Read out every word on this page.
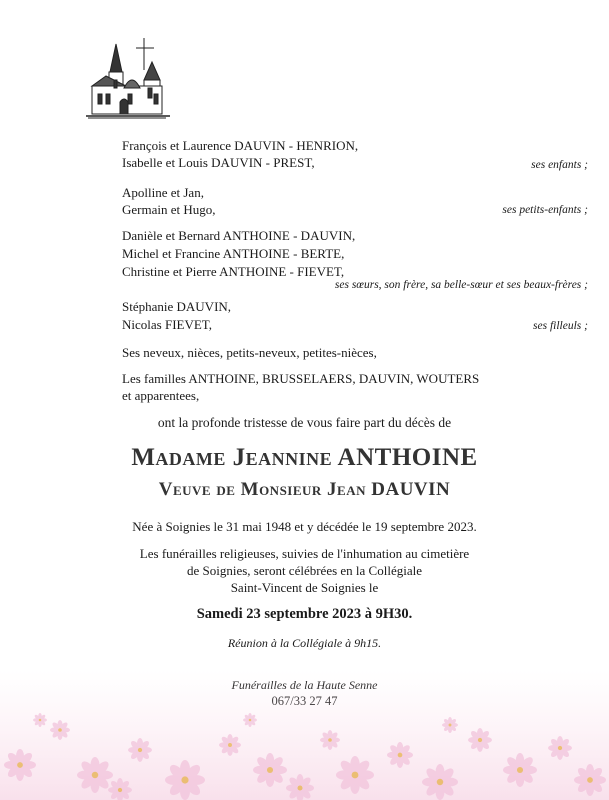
François et Laurence DAUVIN - HENRION,
Isabelle et Louis DAUVIN - PREST,	ses enfants ;
Apolline et Jan,
Germain et Hugo,	ses petits-enfants ;
Danièle et Bernard ANTHOINE - DAUVIN,
Michel et Francine ANTHOINE - BERTE,
Christine et Pierre ANTHOINE - FIEVET,
ses sœurs, son frère, sa belle-sœur et ses beaux-frères ;
Stéphanie DAUVIN,
Nicolas FIEVET,	ses filleuls ;
Ses neveux, nièces, petits-neveux, petites-nièces,
Les familles ANTHOINE, BRUSSELAERS, DAUVIN, WOUTERS
et apparentees,
ont la profonde tristesse de vous faire part du décès de
Madame Jeannine ANTHOINE
Veuve de Monsieur Jean DAUVIN
Née à Soignies le 31 mai 1948 et y décédée le 19 septembre 2023.
Les funérailles religieuses, suivies de l'inhumation au cimetière
de Soignies, seront célébrées en la Collégiale
Saint-Vincent de Soignies le
Samedi 23 septembre 2023 à 9H30.
Réunion à la Collégiale à 9h15.
